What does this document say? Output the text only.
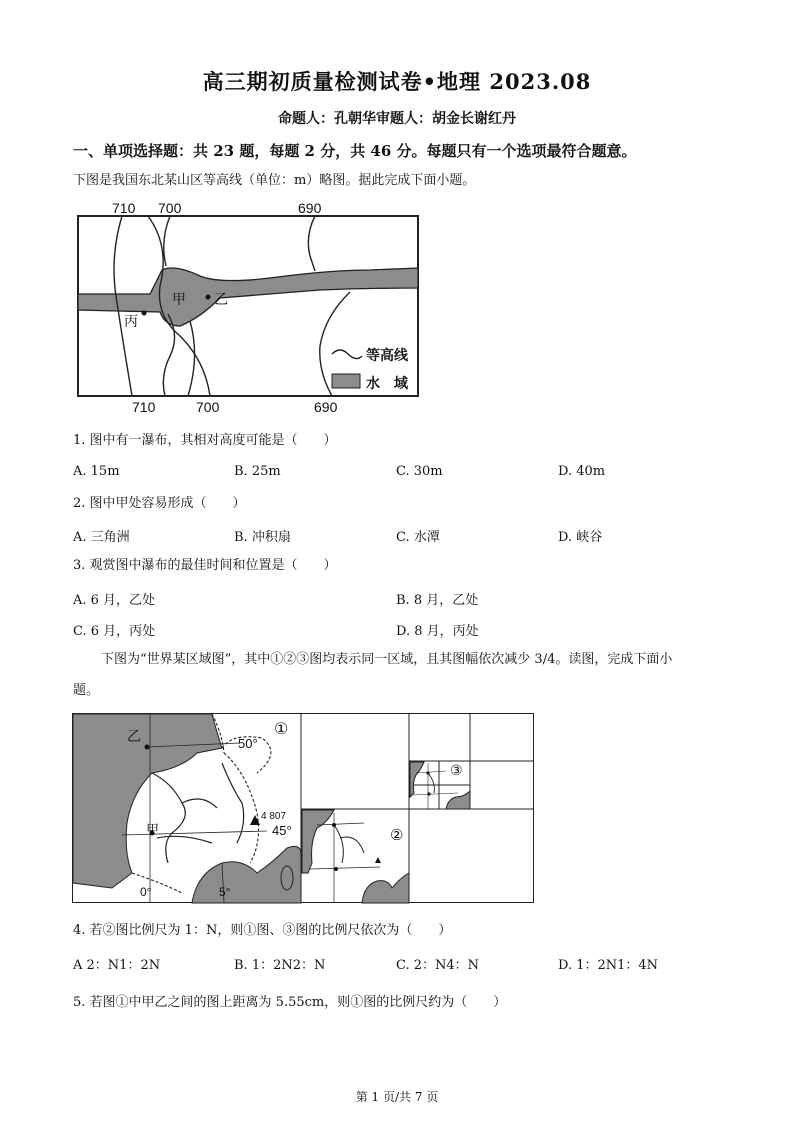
高三期初质量检测试卷•地理 2023.08
命题人：孔朝华审题人：胡金长谢红丹
一、单项选择题：共 23 题，每题 2 分，共 46 分。每题只有一个选项最符合题意。
下图是我国东北某山区等高线（单位：m）略图。据此完成下面小题。
710 700	690
710	700	690
甲 乙
丙
等高线
水　域
1. 图中有一瀑布，其相对高度可能是（　　）
A. 15m	B. 25m	C. 30m	D. 40m
2. 图中甲处容易形成（　　）
A. 三角洲	B. 冲积扇	C. 水潭	D. 峡谷
3. 观赏图中瀑布的最佳时间和位置是（　　）
A. 6 月，乙处	B. 8 月，乙处
C. 6 月，丙处	D. 8 月，丙处
下图为“世界某区域图”，其中①②③图均表示同一区域，且其图幅依次减少 3/4。读图，完成下面小
题。
①
②
③
50°
45°
0°	5°
4 807
乙
甲
4. 若②图比例尺为 1：N，则①图、③图的比例尺依次为（　　）
A 2：N1：2N	B. 1：2N2：N	C. 2：N4：N	D. 1：2N1：4N
5. 若图①中甲乙之间的图上距离为 5.55cm，则①图的比例尺约为（　　）
第 1 页/共 7 页
